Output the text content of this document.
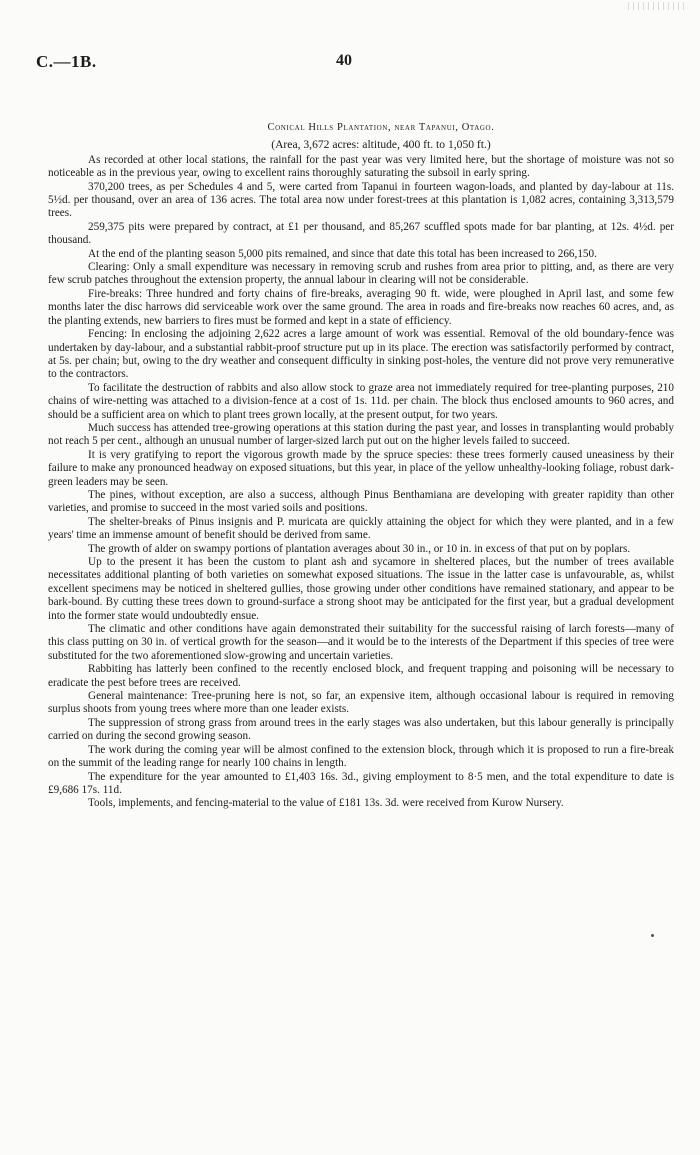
C.—1B.	40
Conical Hills Plantation, near Tapanui, Otago.
(Area, 3,672 acres: altitude, 400 ft. to 1,050 ft.)

As recorded at other local stations, the rainfall for the past year was very limited here, but the shortage of moisture was not so noticeable as in the previous year, owing to excellent rains thoroughly saturating the subsoil in early spring.

370,200 trees, as per Schedules 4 and 5, were carted from Tapanui in fourteen wagon-loads, and planted by day-labour at 11s. 5½d. per thousand, over an area of 136 acres. The total area now under forest-trees at this plantation is 1,082 acres, containing 3,313,579 trees.

259,375 pits were prepared by contract, at £1 per thousand, and 85,267 scuffled spots made for bar planting, at 12s. 4½d. per thousand.

At the end of the planting season 5,000 pits remained, and since that date this total has been increased to 266,150.

Clearing: Only a small expenditure was necessary in removing scrub and rushes from area prior to pitting, and, as there are very few scrub patches throughout the extension property, the annual labour in clearing will not be considerable.

Fire-breaks: Three hundred and forty chains of fire-breaks, averaging 90 ft. wide, were ploughed in April last, and some few months later the disc harrows did serviceable work over the same ground. The area in roads and fire-breaks now reaches 60 acres, and, as the planting extends, new barriers to fires must be formed and kept in a state of efficiency.

Fencing: In enclosing the adjoining 2,622 acres a large amount of work was essential. Removal of the old boundary-fence was undertaken by day-labour, and a substantial rabbit-proof structure put up in its place. The erection was satisfactorily performed by contract, at 5s. per chain; but, owing to the dry weather and consequent difficulty in sinking post-holes, the venture did not prove very remunerative to the contractors.

To facilitate the destruction of rabbits and also allow stock to graze area not immediately required for tree-planting purposes, 210 chains of wire-netting was attached to a division-fence at a cost of 1s. 11d. per chain. The block thus enclosed amounts to 960 acres, and should be a sufficient area on which to plant trees grown locally, at the present output, for two years.

Much success has attended tree-growing operations at this station during the past year, and losses in transplanting would probably not reach 5 per cent., although an unusual number of larger-sized larch put out on the higher levels failed to succeed.

It is very gratifying to report the vigorous growth made by the spruce species: these trees formerly caused uneasiness by their failure to make any pronounced headway on exposed situations, but this year, in place of the yellow unhealthy-looking foliage, robust dark-green leaders may be seen.

The pines, without exception, are also a success, although Pinus Benthamiana are developing with greater rapidity than other varieties, and promise to succeed in the most varied soils and positions.

The shelter-breaks of Pinus insignis and P. muricata are quickly attaining the object for which they were planted, and in a few years' time an immense amount of benefit should be derived from same.

The growth of alder on swampy portions of plantation averages about 30 in., or 10 in. in excess of that put on by poplars.

Up to the present it has been the custom to plant ash and sycamore in sheltered places, but the number of trees available necessitates additional planting of both varieties on somewhat exposed situations. The issue in the latter case is unfavourable, as, whilst excellent specimens may be noticed in sheltered gullies, those growing under other conditions have remained stationary, and appear to be bark-bound. By cutting these trees down to ground-surface a strong shoot may be anticipated for the first year, but a gradual development into the former state would undoubtedly ensue.

The climatic and other conditions have again demonstrated their suitability for the successful raising of larch forests—many of this class putting on 30 in. of vertical growth for the season—and it would be to the interests of the Department if this species of tree were substituted for the two aforementioned slow-growing and uncertain varieties.

Rabbiting has latterly been confined to the recently enclosed block, and frequent trapping and poisoning will be necessary to eradicate the pest before trees are received.

General maintenance: Tree-pruning here is not, so far, an expensive item, although occasional labour is required in removing surplus shoots from young trees where more than one leader exists.

The suppression of strong grass from around trees in the early stages was also undertaken, but this labour generally is principally carried on during the second growing season.

The work during the coming year will be almost confined to the extension block, through which it is proposed to run a fire-break on the summit of the leading range for nearly 100 chains in length.

The expenditure for the year amounted to £1,403 16s. 3d., giving employment to 8·5 men, and the total expenditure to date is £9,686 17s. 11d.

Tools, implements, and fencing-material to the value of £181 13s. 3d. were received from Kurow Nursery.
